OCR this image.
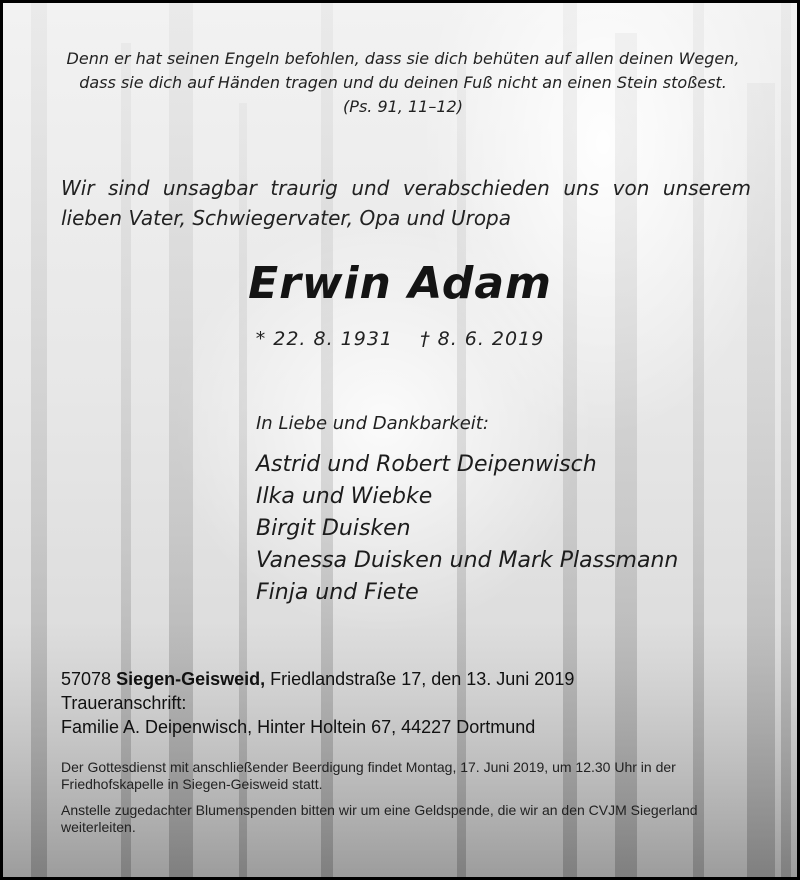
Denn er hat seinen Engeln befohlen, dass sie dich behüten auf allen deinen Wegen, dass sie dich auf Händen tragen und du deinen Fuß nicht an einen Stein stoßest.
(Ps. 91, 11–12)
Wir sind unsagbar traurig und verabschieden uns von unserem lieben Vater, Schwiegervater, Opa und Uropa
Erwin Adam
* 22. 8. 1931 † 8. 6. 2019
In Liebe und Dankbarkeit:
Astrid und Robert Deipenwisch
Ilka und Wiebke
Birgit Duisken
Vanessa Duisken und Mark Plassmann
Finja und Fiete
57078 Siegen-Geisweid, Friedlandstraße 17, den 13. Juni 2019
Traueranschrift:
Familie A. Deipenwisch, Hinter Holtein 67, 44227 Dortmund

Der Gottesdienst mit anschließender Beerdigung findet Montag, 17. Juni 2019, um 12.30 Uhr in der Friedhofskapelle in Siegen-Geisweid statt.

Anstelle zugedachter Blumenspenden bitten wir um eine Geldspende, die wir an den CVJM Siegerland weiterleiten.
